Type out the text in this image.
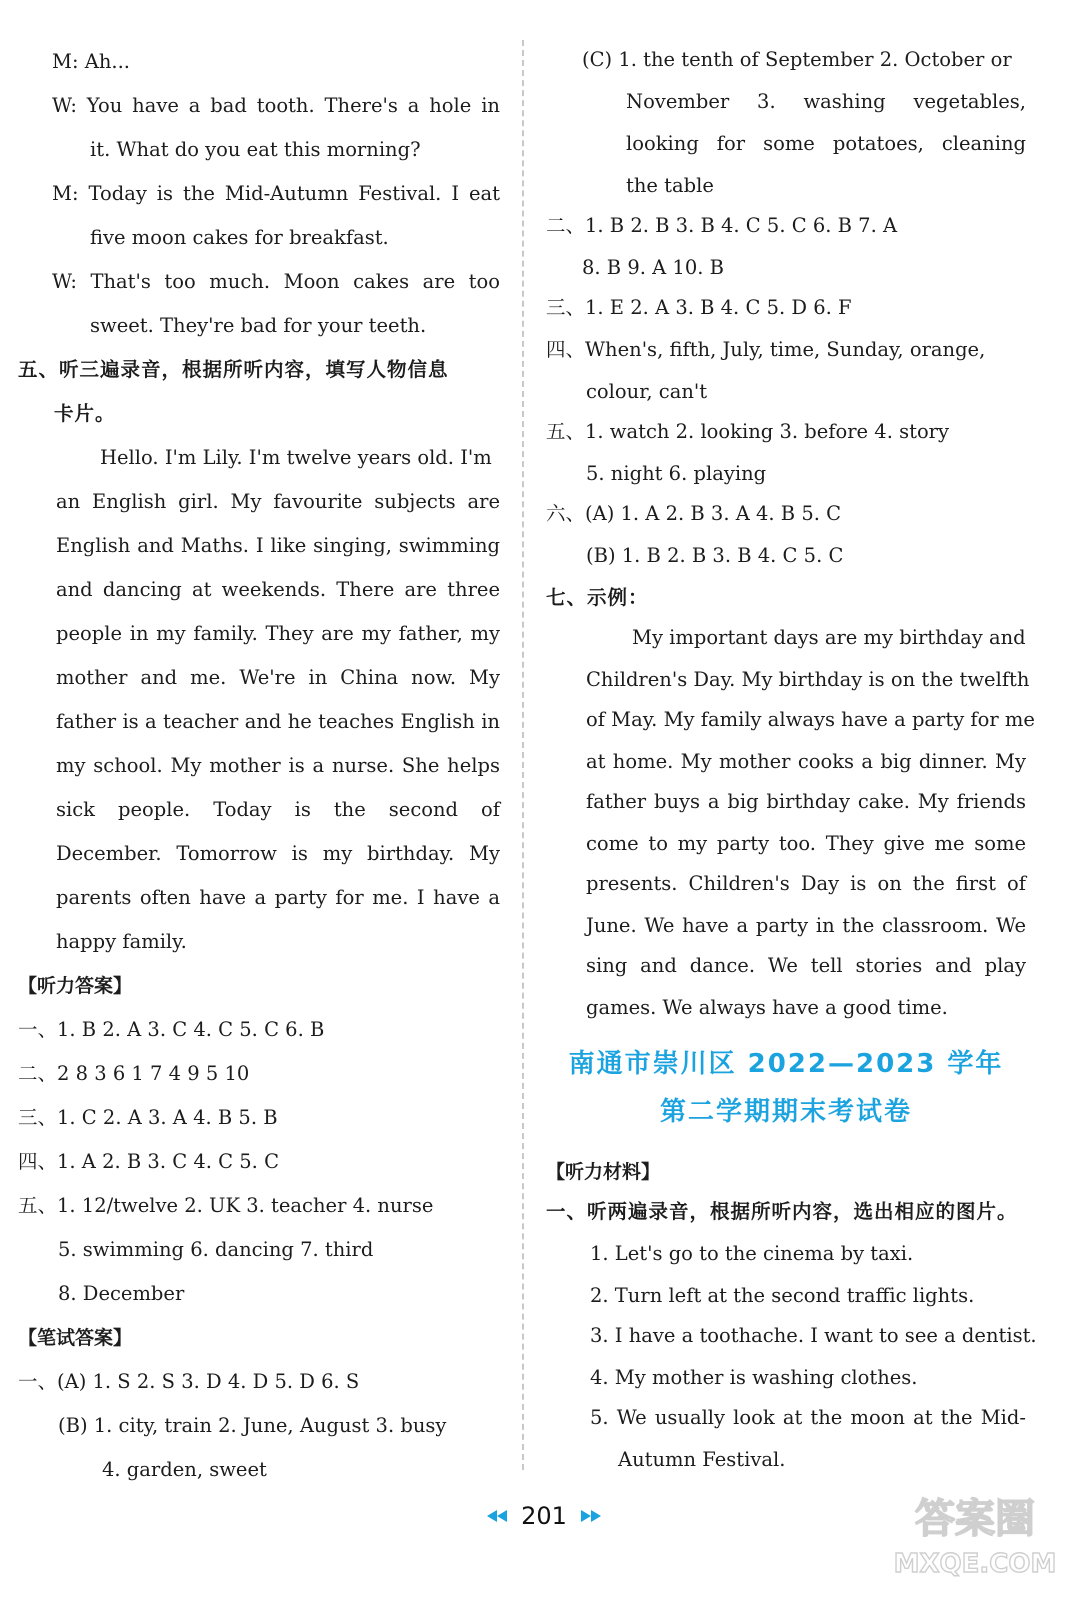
M: Ah...
W: You have a bad tooth. There's a hole in
it. What do you eat this morning?
M: Today is the Mid-Autumn Festival. I eat
five moon cakes for breakfast.
W: That's too much. Moon cakes are too
sweet. They're bad for your teeth.
五、听三遍录音，根据所听内容，填写人物信息
卡片。
Hello. I'm Lily. I'm twelve years old. I'm
an English girl. My favourite subjects are
English and Maths. I like singing, swimming
and dancing at weekends. There are three
people in my family. They are my father, my
mother and me. We're in China now. My
father is a teacher and he teaches English in
my school. My mother is a nurse. She helps
sick people. Today is the second of
December. Tomorrow is my birthday. My
parents often have a party for me. I have a
happy family.
【听力答案】
一、1. B 2. A 3. C 4. C 5. C 6. B
二、2 8 3 6 1 7 4 9 5 10
三、1. C 2. A 3. A 4. B 5. B
四、1. A 2. B 3. C 4. C 5. C
五、1. 12/twelve 2. UK 3. teacher 4. nurse
5. swimming 6. dancing 7. third
8. December
【笔试答案】
一、(A) 1. S 2. S 3. D 4. D 5. D 6. S
(B) 1. city, train 2. June, August 3. busy
4. garden, sweet
南通市崇川区 2022—2023 学年
第二学期期末考试卷
(C) 1. the tenth of September 2. October or
November 3. washing vegetables,
looking for some potatoes, cleaning
the table
二、1. B 2. B 3. B 4. C 5. C 6. B 7. A
8. B 9. A 10. B
三、1. E 2. A 3. B 4. C 5. D 6. F
四、When's, fifth, July, time, Sunday, orange,
colour, can't
五、1. watch 2. looking 3. before 4. story
5. night 6. playing
六、(A) 1. A 2. B 3. A 4. B 5. C
(B) 1. B 2. B 3. B 4. C 5. C
七、示例：
My important days are my birthday and
Children's Day. My birthday is on the twelfth
of May. My family always have a party for me
at home. My mother cooks a big dinner. My
father buys a big birthday cake. My friends
come to my party too. They give me some
presents. Children's Day is on the first of
June. We have a party in the classroom. We
sing and dance. We tell stories and play
games. We always have a good time.
【听力材料】
一、听两遍录音，根据所听内容，选出相应的图片。
1. Let's go to the cinema by taxi.
2. Turn left at the second traffic lights.
3. I have a toothache. I want to see a dentist.
4. My mother is washing clothes.
5. We usually look at the moon at the Mid-
Autumn Festival.
201	答案圈
MXQE.COM
